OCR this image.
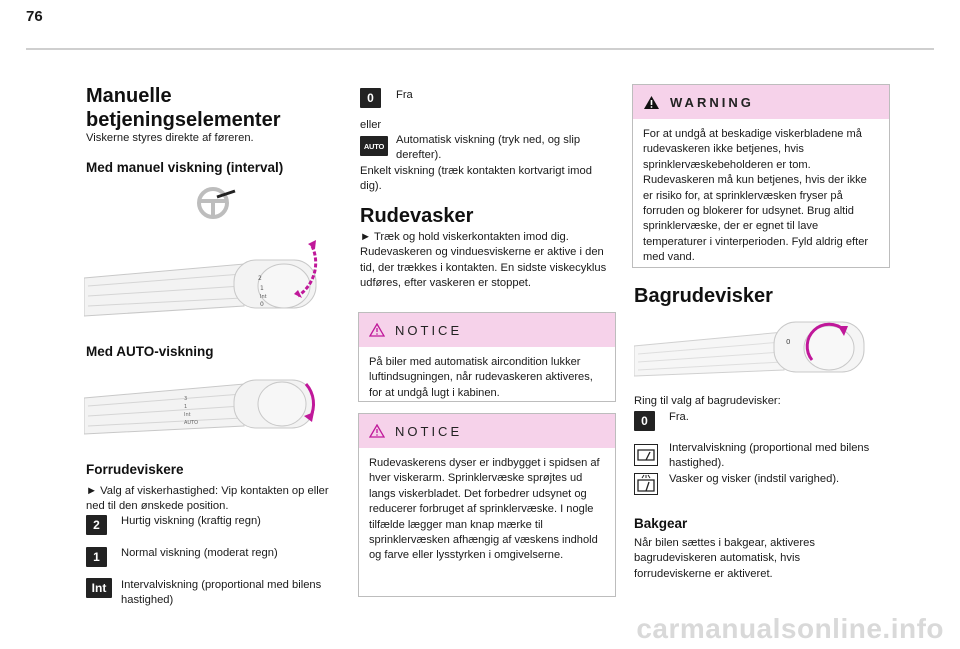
76
Manuelle
betjeningselementer
Viskerne styres direkte af føreren.
Med manuel viskning (interval)
2
1
Int
0
Med AUTO-viskning
3
1
Int
AUTO
Forrudeviskere
► Valg af viskerhastighed: Vip kontakten op eller ned til den ønskede position.
2	Hurtig viskning (kraftig regn)
1	Normal viskning (moderat regn)
Int	Intervalviskning (proportional med bilens hastighed)
0	Fra
eller
AUTO	Automatisk viskning (tryk ned, og slip derefter).
Enkelt viskning (træk kontakten kortvarigt imod dig).
Rudevasker
► Træk og hold viskerkontakten imod dig. Rudevaskeren og vinduesviskerne er aktive i den tid, der trækkes i kontakten. En sidste viskecyklus udføres, efter vaskeren er stoppet.
NOTICE
På biler med automatisk aircondition lukker luftindsugningen, når rudevaskeren aktiveres, for at undgå lugt i kabinen.
NOTICE
Rudevaskerens dyser er indbygget i spidsen af hver viskerarm. Sprinklervæske sprøjtes ud langs viskerbladet. Det forbedrer udsynet og reducerer forbruget af sprinklervæske. I nogle tilfælde lægger man knap mærke til sprinklervæsken afhængig af væskens indhold og farve eller lysstyrken i omgivelserne.
WARNING
For at undgå at beskadige viskerbladene må rudevaskeren ikke betjenes, hvis sprinklervæskebeholderen er tom. Rudevaskeren må kun betjenes, hvis der ikke er risiko for, at sprinklervæsken fryser på forruden og blokerer for udsynet. Brug altid sprinklervæske, der er egnet til lave temperaturer i vinterperioden. Fyld aldrig efter med vand.
Bagrudevisker
0
Ring til valg af bagrudevisker:
0	Fra.
Intervalviskning (proportional med bilens hastighed).
Vasker og visker (indstil varighed).
Bakgear
Når bilen sættes i bakgear, aktiveres bagrudeviskeren automatisk, hvis forrudeviskerne er aktiveret.
carmanualsonline.info
